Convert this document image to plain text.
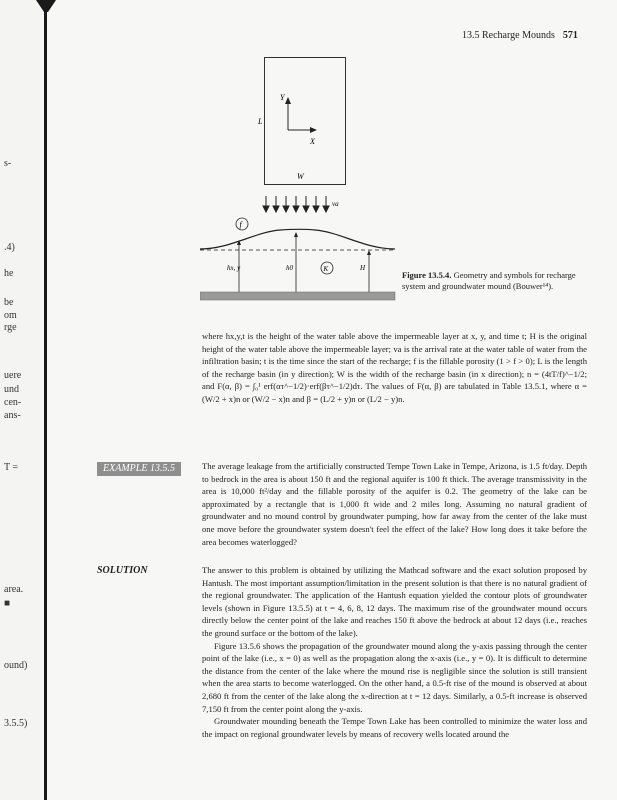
s-
.4)
he
be
om
rge
uere
und
cen-
ans-
T =
area.
■
ound)
3.5.5)
13.5 Recharge Mounds 571
Y
X
L
W
va
f
hx, y	h0	K	H
Figure 13.5.4. Geometry and symbols for recharge system and groundwater mound (Bouwer¹⁴).

where hx,y,t is the height of the water table above the impermeable layer at x, y, and time t; H is the original height of the water table above the impermeable layer; va is the arrival rate at the water table of water from the infiltration basin; t is the time since the start of the recharge; f is the fillable porosity (1 > f > 0); L is the length of the recharge basin (in y direction); W is the width of the recharge basin (in x direction); n = (4tT/f)^−1/2; and F(α, β) = ∫₀¹ erf(ατ^−1/2)·erf(βτ^−1/2)dτ. The values of F(α, β) are tabulated in Table 13.5.1, where α = (W/2 + x)n or (W/2 − x)n and β = (L/2 + y)n or (L/2 − y)n.

EXAMPLE 13.5.5	The average leakage from the artificially constructed Tempe Town Lake in Tempe, Arizona, is 1.5 ft/day. Depth to bedrock in the area is about 150 ft and the regional aquifer is 100 ft thick. The average transmissivity in the area is 10,000 ft²/day and the fillable porosity of the aquifer is 0.2. The geometry of the lake can be approximated by a rectangle that is 1,000 ft wide and 2 miles long. Assuming no natural gradient of groundwater and no mound control by groundwater pumping, how far away from the center of the lake must one move before the groundwater system doesn't feel the effect of the lake? How long does it take before the area becomes waterlogged?

SOLUTION	The answer to this problem is obtained by utilizing the Mathcad software and the exact solution proposed by Hantush. The most important assumption/limitation in the present solution is that there is no natural gradient of the regional groundwater. The application of the Hantush equation yielded the contour plots of groundwater levels (shown in Figure 13.5.5) at t = 4, 6, 8, 12 days. The maximum rise of the groundwater mound occurs directly below the center point of the lake and reaches 150 ft above the bedrock at about 12 days (i.e., reaches the ground surface or the bottom of the lake).

Figure 13.5.6 shows the propagation of the groundwater mound along the y-axis passing through the center point of the lake (i.e., x = 0) as well as the propagation along the x-axis (i.e., y = 0). It is difficult to determine the distance from the center of the lake where the mound rise is negligible since the solution is still transient when the area starts to become waterlogged. On the other hand, a 0.5-ft rise of the mound is observed at about 2,680 ft from the center of the lake along the x-direction at t = 12 days. Similarly, a 0.5-ft increase is observed 7,150 ft from the center point along the y-axis.

Groundwater mounding beneath the Tempe Town Lake has been controlled to minimize the water loss and the impact on regional groundwater levels by means of recovery wells located around the
